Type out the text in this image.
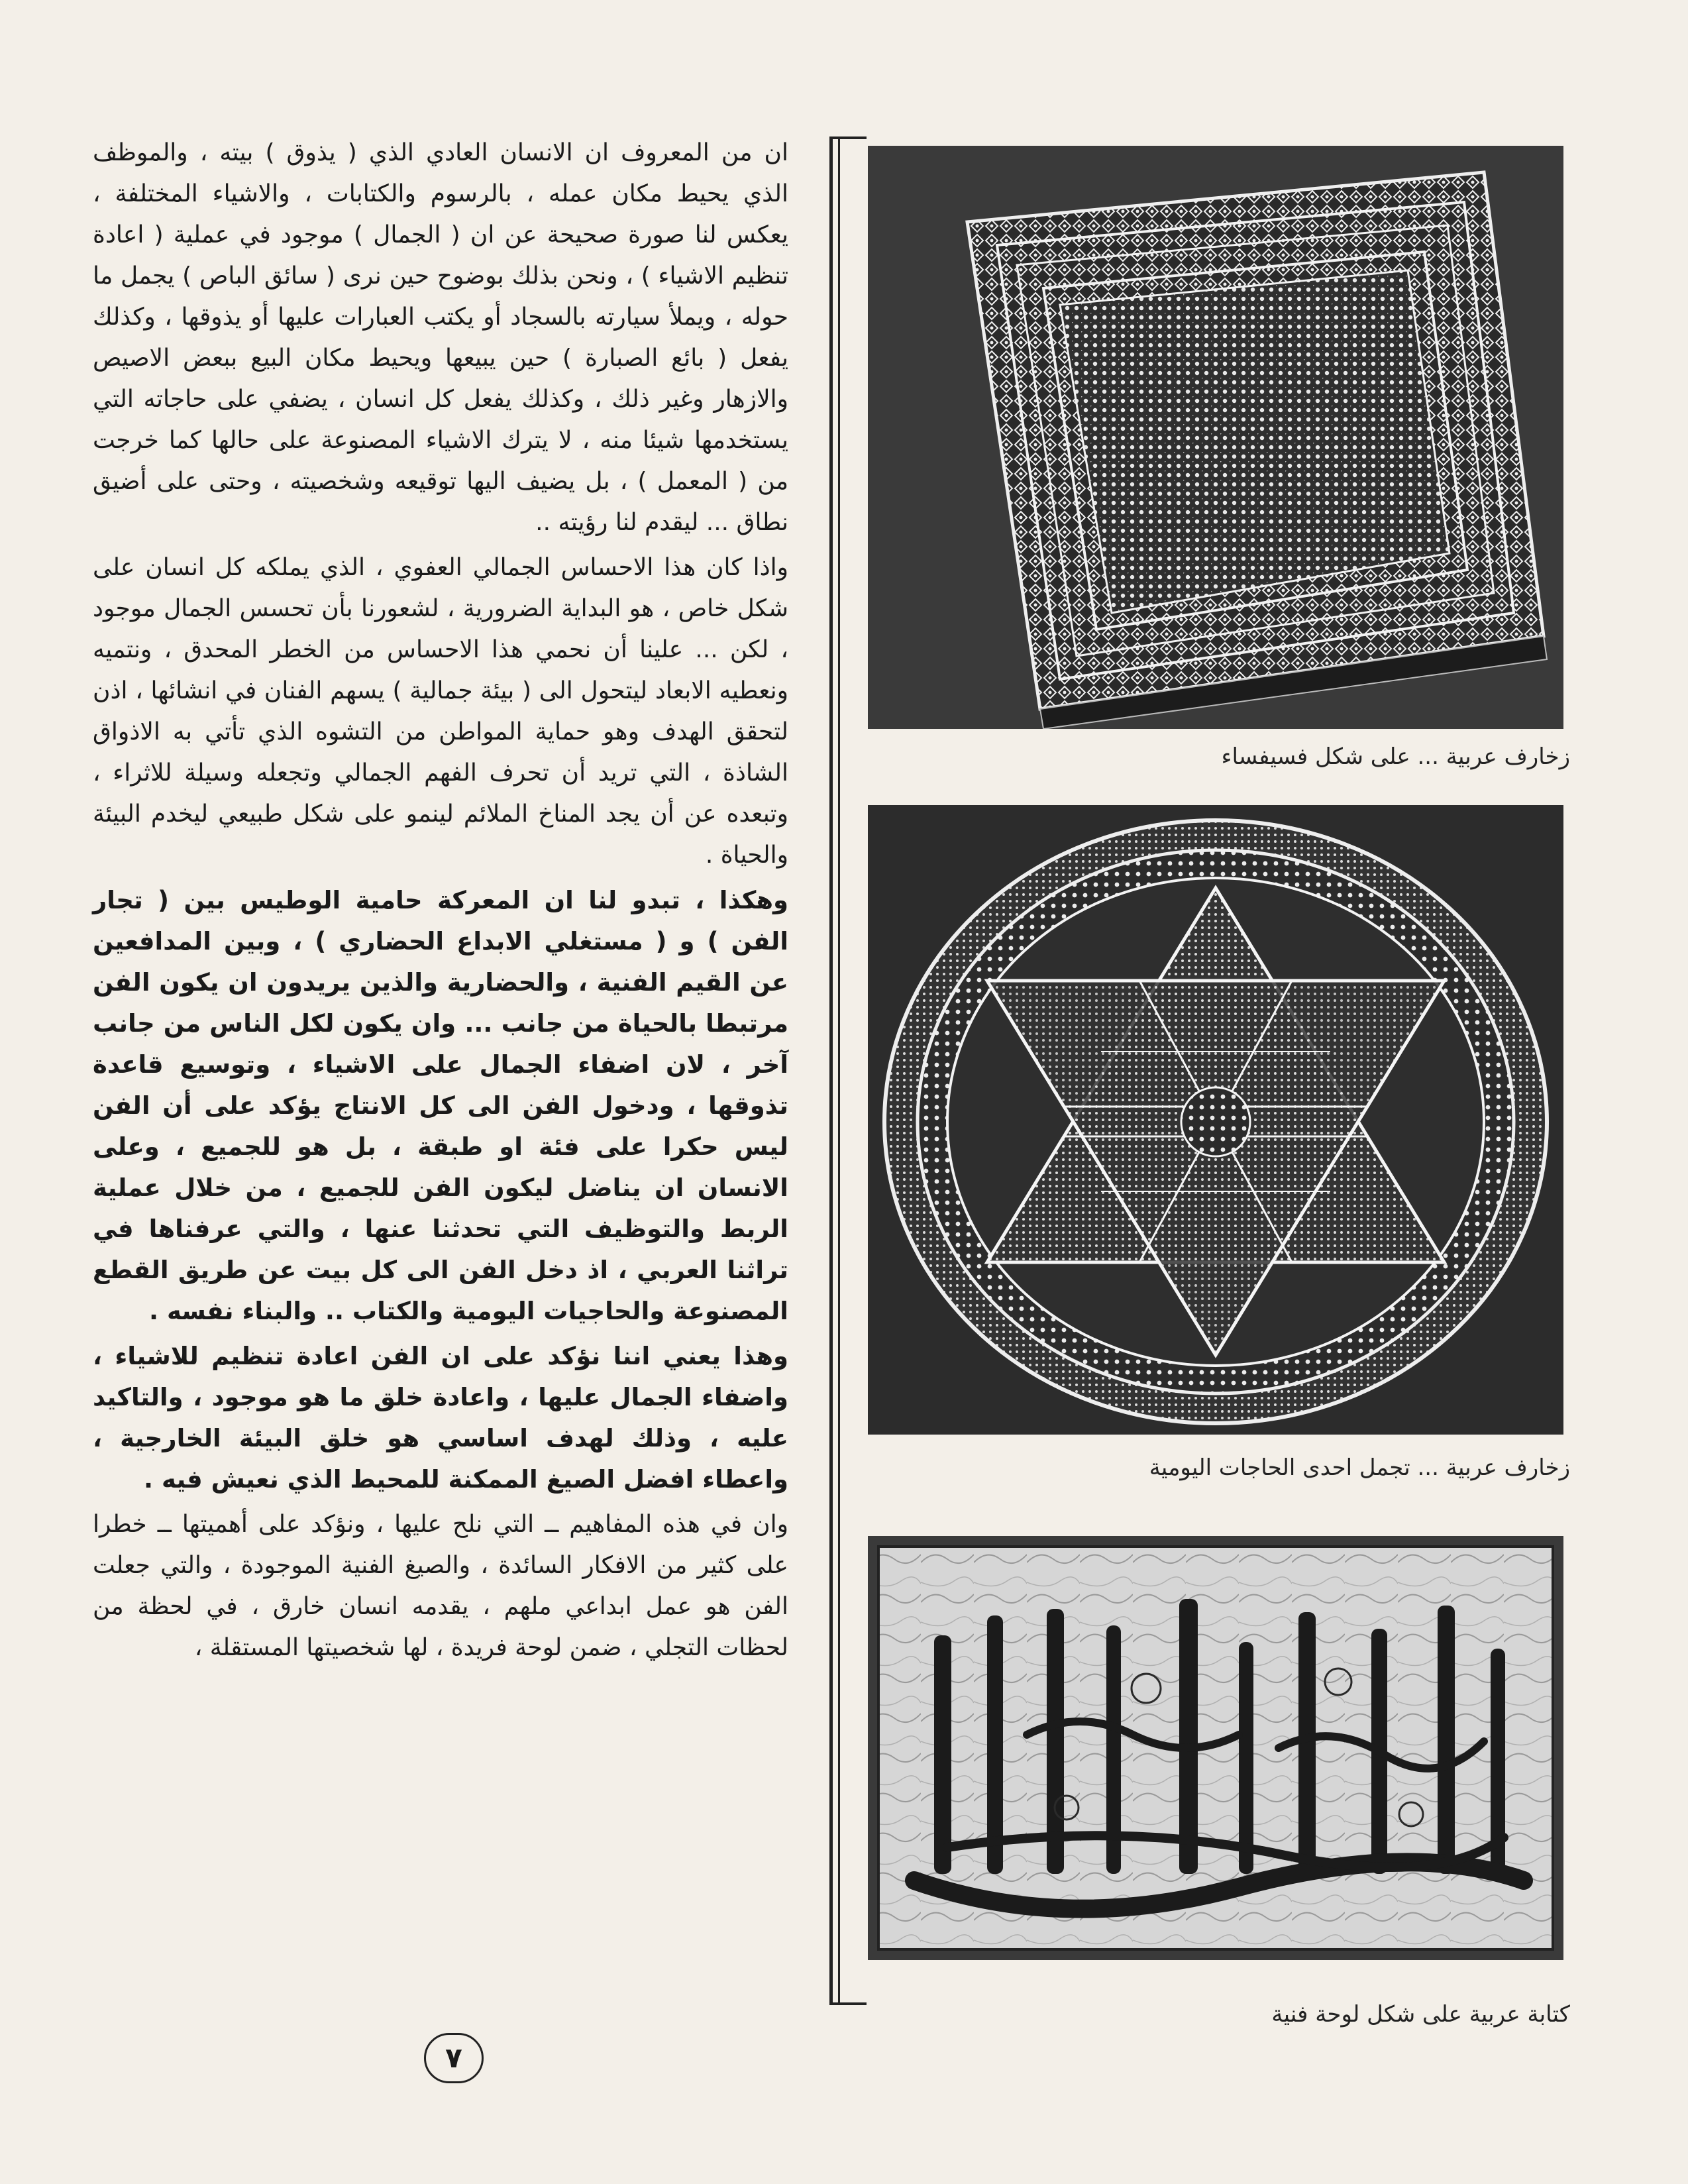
ان من المعروف ان الانسان العادي الذي ( يذوق ) بيته ، والموظف الذي يحيط مكان عمله ، بالرسوم والكتابات ، والاشياء المختلفة ، يعكس لنا صورة صحيحة عن ان ( الجمال ) موجود في عملية ( اعادة تنظيم الاشياء ) ، ونحن بذلك بوضوح حين نرى ( سائق الباص ) يجمل ما حوله ، ويملأ سيارته بالسجاد أو يكتب العبارات عليها أو يذوقها ، وكذلك يفعل ( بائع الصبارة ) حين يبيعها ويحيط مكان البيع ببعض الاصيص والازهار وغير ذلك ، وكذلك يفعل كل انسان ، يضفي على حاجاته التي يستخدمها شيئا منه ، لا يترك الاشياء المصنوعة على حالها كما خرجت من ( المعمل ) ، بل يضيف اليها توقيعه وشخصيته ، وحتى على أضيق نطاق ... ليقدم لنا رؤيته ..

واذا كان هذا الاحساس الجمالي العفوي ، الذي يملكه كل انسان على شكل خاص ، هو البداية الضرورية ، لشعورنا بأن تحسس الجمال موجود ، لكن ... علينا أن نحمي هذا الاحساس من الخطر المحدق ، ونتميه ونعطيه الابعاد ليتحول الى ( بيئة جمالية ) يسهم الفنان في انشائها ، اذن لتحقق الهدف وهو حماية المواطن من التشوه الذي تأتي به الاذواق الشاذة ، التي تريد أن تحرف الفهم الجمالي وتجعله وسيلة للاثراء ، وتبعده عن أن يجد المناخ الملائم لينمو على شكل طبيعي ليخدم البيئة والحياة .

وهكذا ، تبدو لنا ان المعركة حامية الوطيس بين ( تجار الفن ) و ( مستغلي الابداع الحضاري ) ، وبين المدافعين عن القيم الفنية ، والحضارية والذين يريدون ان يكون الفن مرتبطا بالحياة من جانب ... وان يكون لكل الناس من جانب آخر ، لان اضفاء الجمال على الاشياء ، وتوسيع قاعدة تذوقها ، ودخول الفن الى كل الانتاج يؤكد على أن الفن ليس حكرا على فئة او طبقة ، بل هو للجميع ، وعلى الانسان ان يناضل ليكون الفن للجميع ، من خلال عملية الربط والتوظيف التي تحدثنا عنها ، والتي عرفناها في تراثنا العربي ، اذ دخل الفن الى كل بيت عن طريق القطع المصنوعة والحاجيات اليومية والكتاب .. والبناء نفسه .

وهذا يعني اننا نؤكد على ان الفن اعادة تنظيم للاشياء ، واضفاء الجمال عليها ، واعادة خلق ما هو موجود ، والتاكيد عليه ، وذلك لهدف اساسي هو خلق البيئة الخارجية ، واعطاء افضل الصيغ الممكنة للمحيط الذي نعيش فيه .

وان في هذه المفاهيم ــ التي نلح عليها ، ونؤكد على أهميتها ــ خطرا على كثير من الافكار السائدة ، والصيغ الفنية الموجودة ، والتي جعلت الفن هو عمل ابداعي ملهم ، يقدمه انسان خارق ، في لحظة من لحظات التجلي ، ضمن لوحة فريدة ، لها شخصيتها المستقلة ،

زخارف عربية ... على شكل فسيفساء
زخارف عربية ... تجمل احدى الحاجات اليومية
كتابة عربية على شكل لوحة فنية
٧
